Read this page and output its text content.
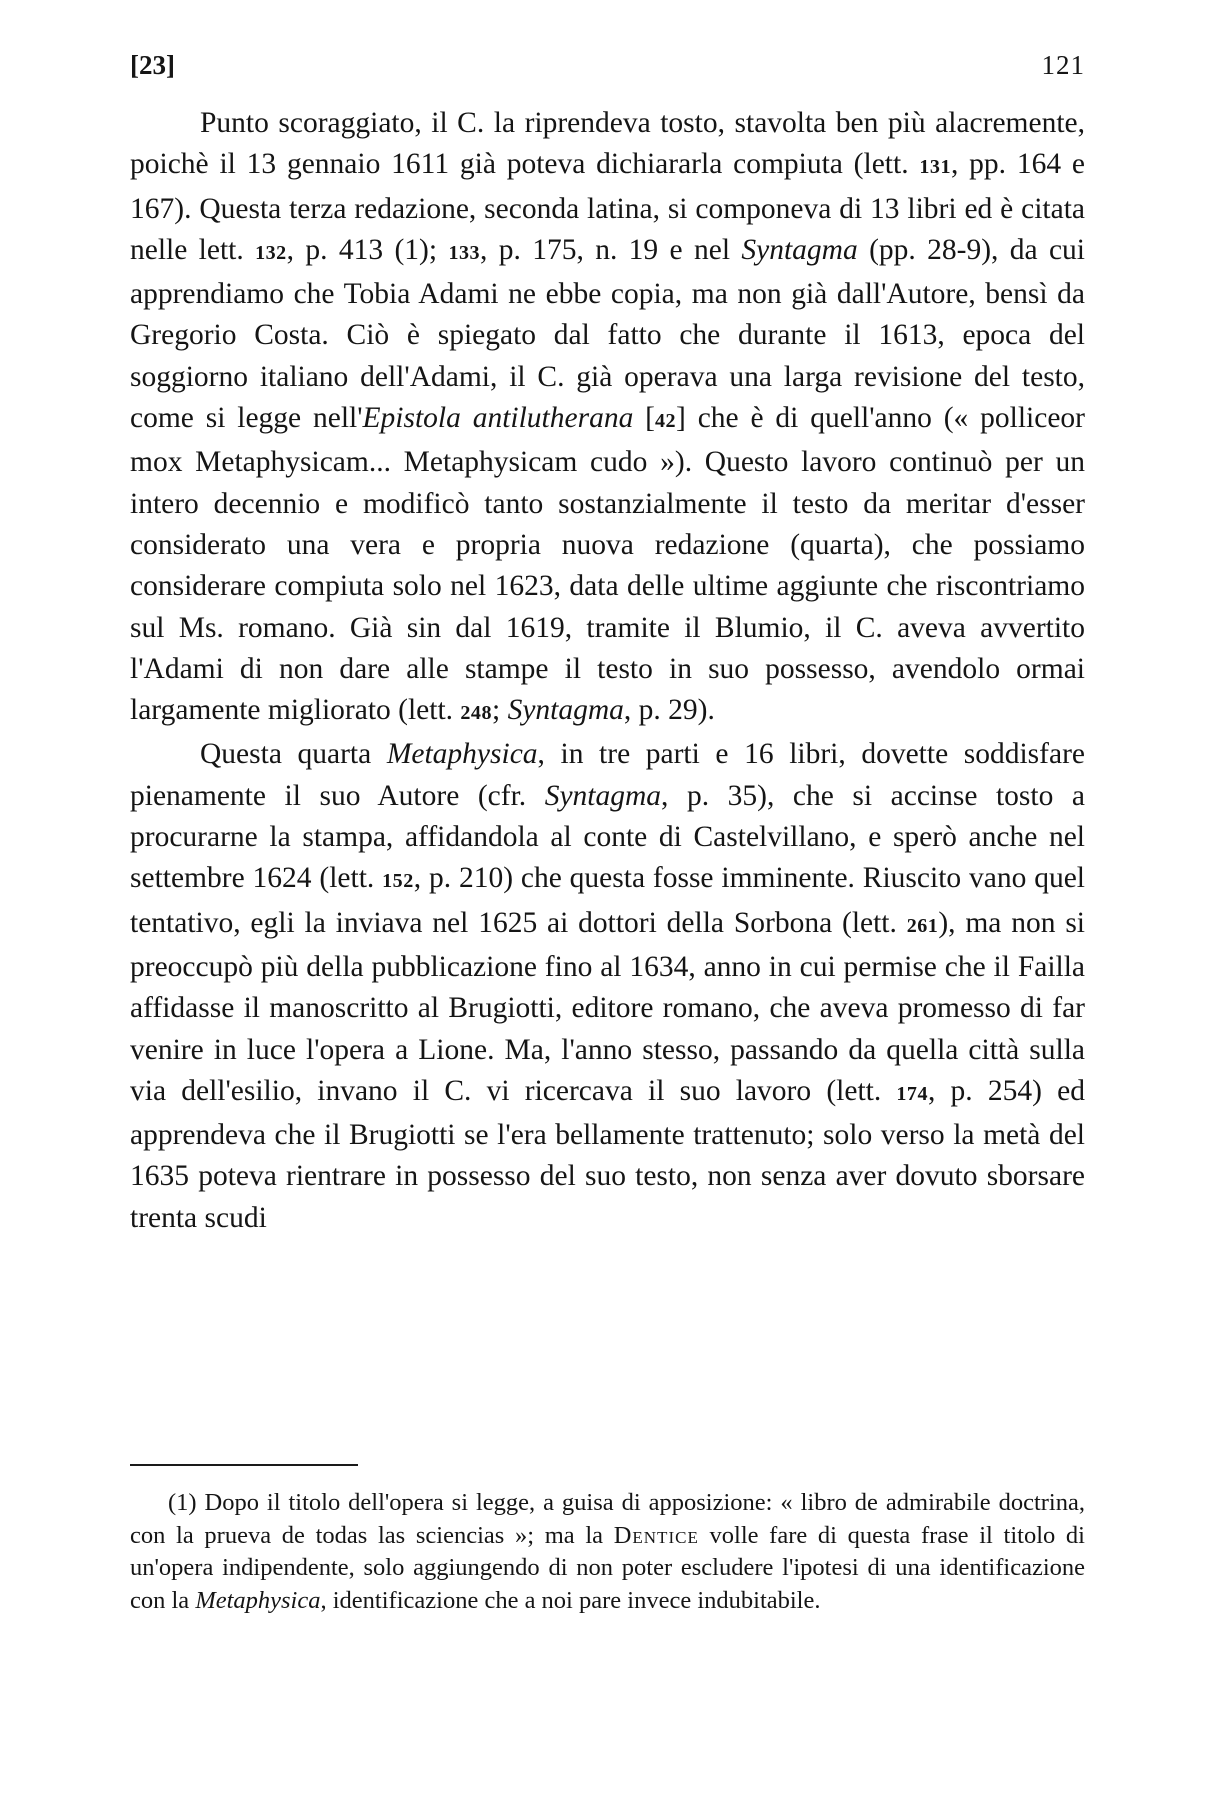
[23]	121

Punto scoraggiato, il C. la riprendeva tosto, stavolta ben più alacremente, poichè il 13 gennaio 1611 già poteva dichiararla compiuta (lett. 131, pp. 164 e 167). Questa terza redazione, seconda latina, si componeva di 13 libri ed è citata nelle lett. 132, p. 413 (1); 133, p. 175, n. 19 e nel Syntagma (pp. 28-9), da cui apprendiamo che Tobia Adami ne ebbe copia, ma non già dall'Autore, bensì da Gregorio Costa. Ciò è spiegato dal fatto che durante il 1613, epoca del soggiorno italiano dell'Adami, il C. già operava una larga revisione del testo, come si legge nell'Epistola antilutherana [42] che è di quell'anno (« polliceor mox Metaphysicam... Metaphysicam cudo »). Questo lavoro continuò per un intero decennio e modificò tanto sostanzialmente il testo da meritar d'esser considerato una vera e propria nuova redazione (quarta), che possiamo considerare compiuta solo nel 1623, data delle ultime aggiunte che riscontriamo sul Ms. romano. Già sin dal 1619, tramite il Blumio, il C. aveva avvertito l'Adami di non dare alle stampe il testo in suo possesso, avendolo ormai largamente migliorato (lett. 248; Syntagma, p. 29).

Questa quarta Metaphysica, in tre parti e 16 libri, dovette soddisfare pienamente il suo Autore (cfr. Syntagma, p. 35), che si accinse tosto a procurarne la stampa, affidandola al conte di Castelvillano, e sperò anche nel settembre 1624 (lett. 152, p. 210) che questa fosse imminente. Riuscito vano quel tentativo, egli la inviava nel 1625 ai dottori della Sorbona (lett. 261), ma non si preoccupò più della pubblicazione fino al 1634, anno in cui permise che il Failla affidasse il manoscritto al Brugiotti, editore romano, che aveva promesso di far venire in luce l'opera a Lione. Ma, l'anno stesso, passando da quella città sulla via dell'esilio, invano il C. vi ricercava il suo lavoro (lett. 174, p. 254) ed apprendeva che il Brugiotti se l'era bellamente trattenuto; solo verso la metà del 1635 poteva rientrare in possesso del suo testo, non senza aver dovuto sborsare trenta scudi

(1) Dopo il titolo dell'opera si legge, a guisa di apposizione: « libro de admirabile doctrina, con la prueva de todas las sciencias »; ma la Dentice volle fare di questa frase il titolo di un'opera indipendente, solo aggiungendo di non poter escludere l'ipotesi di una identificazione con la Metaphysica, identificazione che a noi pare invece indubitabile.
